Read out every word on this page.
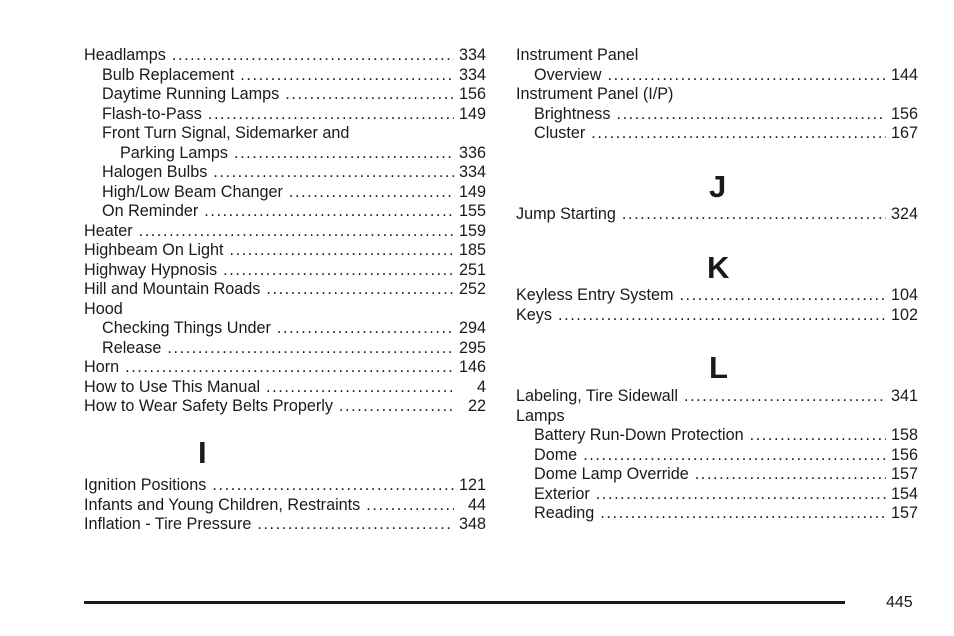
Headlamps .....	334
Bulb Replacement .....	334
Daytime Running Lamps .....	156
Flash-to-Pass .....	149
Front Turn Signal, Sidemarker and
Parking Lamps .....	336
Halogen Bulbs .....	334
High/Low Beam Changer .....	149
On Reminder .....	155
Heater .....	159
Highbeam On Light .....	185
Highway Hypnosis .....	251
Hill and Mountain Roads .....	252
Hood
Checking Things Under .....	294
Release .....	295
Horn .....	146
How to Use This Manual .....	4
How to Wear Safety Belts Properly .....	22
I
Ignition Positions .....	121
Infants and Young Children, Restraints .....	44
Inflation - Tire Pressure .....	348
Instrument Panel
Overview .....	144
Instrument Panel (I/P)
Brightness .....	156
Cluster .....	167
J
Jump Starting .....	324
K
Keyless Entry System .....	104
Keys .....	102
L
Labeling, Tire Sidewall .....	341
Lamps
Battery Run-Down Protection .....	158
Dome .....	156
Dome Lamp Override .....	157
Exterior .....	154
Reading .....	157
445
